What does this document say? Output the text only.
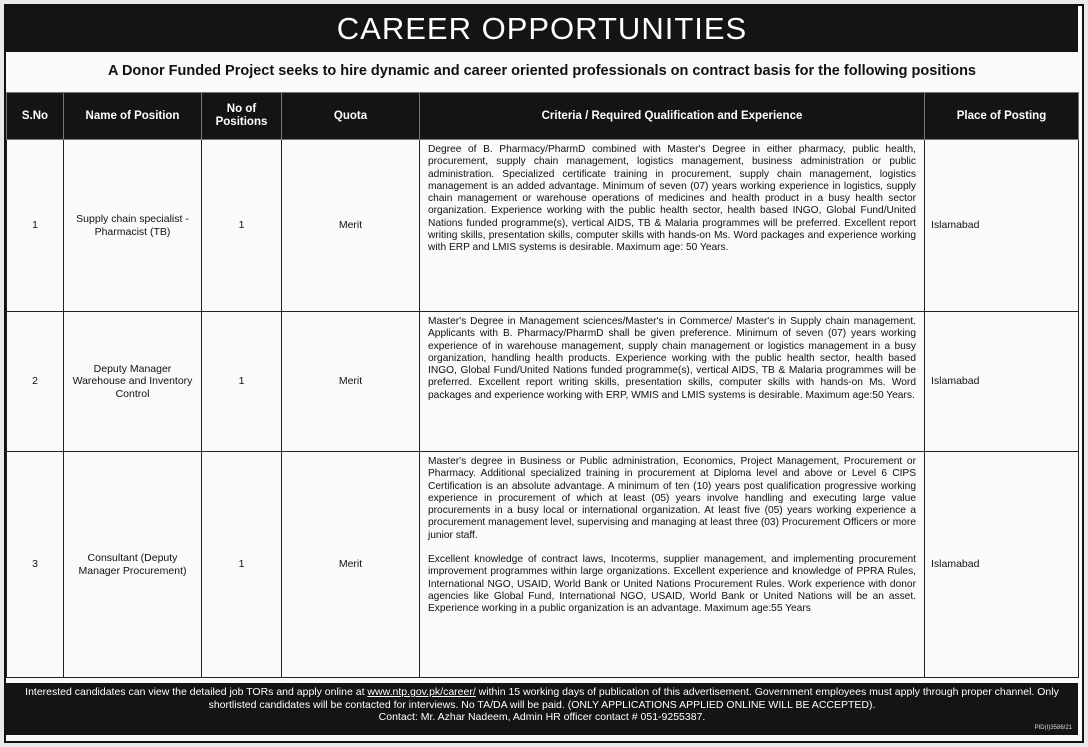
CAREER OPPORTUNITIES
A Donor Funded Project seeks to hire dynamic and career oriented professionals on contract basis for the following positions
S.No	Name of Position	No of Positions	Quota	Criteria / Required Qualification and Experience	Place of Posting
1	Supply chain specialist - Pharmacist (TB)	1	Merit	Degree of B. Pharmacy/PharmD combined with Master's Degree in either pharmacy, public health, procurement, supply chain management, logistics management, business administration or public administration. Specialized certificate training in procurement, supply chain management, logistics management is an added advantage. Minimum of seven (07) years working experience in logistics, supply chain management or warehouse operations of medicines and health product in a busy health sector organization. Experience working with the public health sector, health based INGO, Global Fund/United Nations funded programme(s), vertical AIDS, TB & Malaria programmes will be preferred. Excellent report writing skills, presentation skills, computer skills with hands-on Ms. Word packages and experience working with ERP and LMIS systems is desirable. Maximum age: 50 Years.	Islamabad
2	Deputy Manager Warehouse and Inventory Control	1	Merit	Master's Degree in Management sciences/Master's in Commerce/ Master's in Supply chain management. Applicants with B. Pharmacy/PharmD shall be given preference. Minimum of seven (07) years working experience of in warehouse management, supply chain management or logistics management in a busy organization, handling health products. Experience working with the public health sector, health based INGO, Global Fund/United Nations funded programme(s), vertical AIDS, TB & Malaria programmes will be preferred. Excellent report writing skills, presentation skills, computer skills with hands-on Ms. Word packages and experience working with ERP, WMIS and LMIS systems is desirable. Maximum age:50 Years.	Islamabad
3	Consultant (Deputy Manager Procurement)	1	Merit	Master's degree in Business or Public administration, Economics, Project Management, Procurement or Pharmacy. Additional specialized training in procurement at Diploma level and above or Level 6 CIPS Certification is an absolute advantage. A minimum of ten (10) years post qualification progressive working experience in procurement of which at least (05) years involve handling and executing large value procurements in a busy local or international organization. At least five (05) years working experience a procurement management level, supervising and managing at least three (03) Procurement Officers or more junior staff.

Excellent knowledge of contract laws, Incoterms, supplier management, and implementing procurement improvement programmes within large organizations. Excellent experience and knowledge of PPRA Rules, International NGO, USAID, World Bank or United Nations Procurement Rules. Work experience with donor agencies like Global Fund, International NGO, USAID, World Bank or United Nations will be an asset. Experience working in a public organization is an advantage. Maximum age:55 Years	Islamabad
Interested candidates can view the detailed job TORs and apply online at www.ntp.gov.pk/career/ within 15 working days of publication of this advertisement. Government employees must apply through proper channel. Only shortlisted candidates will be contacted for interviews. No TA/DA will be paid. (ONLY APPLICATIONS APPLIED ONLINE WILL BE ACCEPTED).
Contact: Mr. Azhar Nadeem, Admin HR officer contact # 051-9255387.
PID(I)3586/21
